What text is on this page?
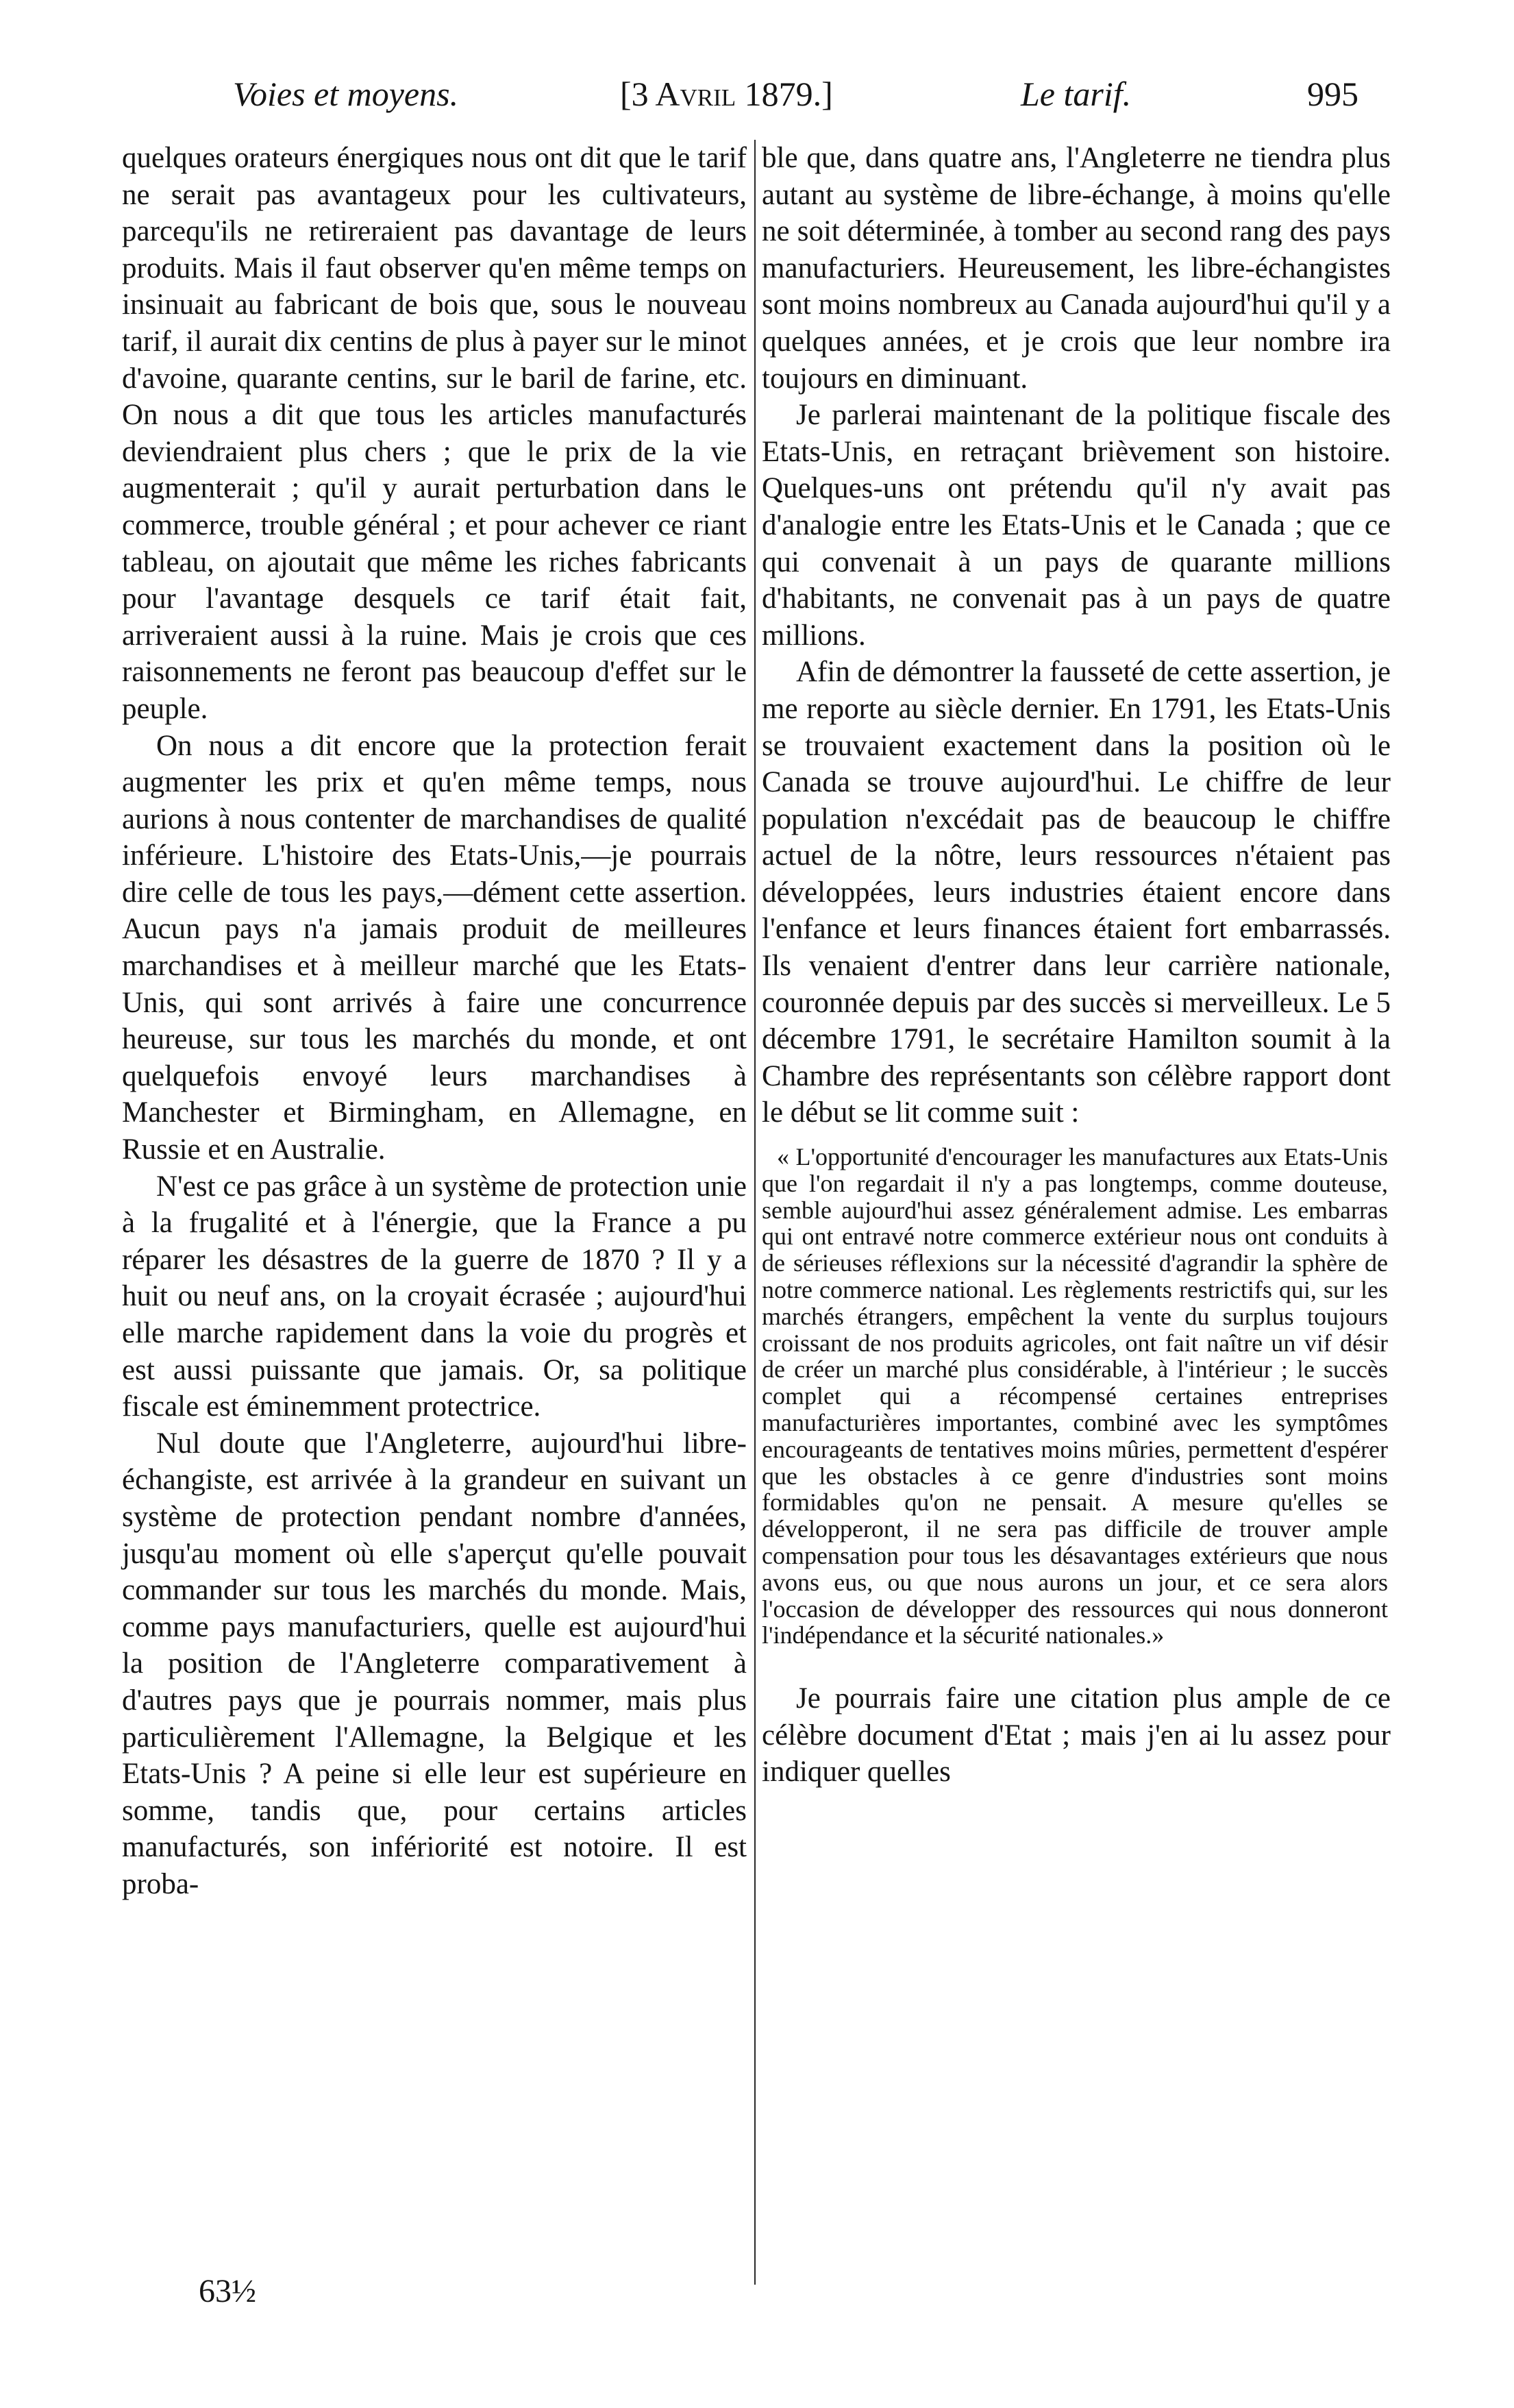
Voies et moyens.	[3 Avril 1879.]	Le tarif.	995

quelques orateurs énergiques nous ont dit que le tarif ne serait pas avantageux pour les cultivateurs, parcequ'ils ne retireraient pas davantage de leurs produits. Mais il faut observer qu'en même temps on insinuait au fabricant de bois que, sous le nouveau tarif, il aurait dix centins de plus à payer sur le minot d'avoine, quarante centins, sur le baril de farine, etc. On nous a dit que tous les articles manufacturés deviendraient plus chers ; que le prix de la vie augmenterait ; qu'il y aurait perturbation dans le commerce, trouble général ; et pour achever ce riant tableau, on ajoutait que même les riches fabricants pour l'avantage desquels ce tarif était fait, arriveraient aussi à la ruine. Mais je crois que ces raisonnements ne feront pas beaucoup d'effet sur le peuple.

On nous a dit encore que la protection ferait augmenter les prix et qu'en même temps, nous aurions à nous contenter de marchandises de qualité inférieure. L'histoire des Etats-Unis,—je pourrais dire celle de tous les pays,—dément cette assertion. Aucun pays n'a jamais produit de meilleures marchandises et à meilleur marché que les Etats-Unis, qui sont arrivés à faire une concurrence heureuse, sur tous les marchés du monde, et ont quelquefois envoyé leurs marchandises à Manchester et Birmingham, en Allemagne, en Russie et en Australie.

N'est ce pas grâce à un système de protection unie à la frugalité et à l'énergie, que la France a pu réparer les désastres de la guerre de 1870 ? Il y a huit ou neuf ans, on la croyait écrasée ; aujourd'hui elle marche rapidement dans la voie du progrès et est aussi puissante que jamais. Or, sa politique fiscale est éminemment protectrice.

Nul doute que l'Angleterre, aujourd'hui libre-échangiste, est arrivée à la grandeur en suivant un système de protection pendant nombre d'années, jusqu'au moment où elle s'aperçut qu'elle pouvait commander sur tous les marchés du monde. Mais, comme pays manufacturiers, quelle est aujourd'hui la position de l'Angleterre comparativement à d'autres pays que je pourrais nommer, mais plus particulièrement l'Allemagne, la Belgique et les Etats-Unis ? A peine si elle leur est supérieure en somme, tandis que, pour certains articles manufacturés, son infériorité est notoire. Il est proba-

ble que, dans quatre ans, l'Angleterre ne tiendra plus autant au système de libre-échange, à moins qu'elle ne soit déterminée, à tomber au second rang des pays manufacturiers. Heureusement, les libre-échangistes sont moins nombreux au Canada aujourd'hui qu'il y a quelques années, et je crois que leur nombre ira toujours en diminuant.

Je parlerai maintenant de la politique fiscale des Etats-Unis, en retraçant brièvement son histoire. Quelques-uns ont prétendu qu'il n'y avait pas d'analogie entre les Etats-Unis et le Canada ; que ce qui convenait à un pays de quarante millions d'habitants, ne convenait pas à un pays de quatre millions.

Afin de démontrer la fausseté de cette assertion, je me reporte au siècle dernier. En 1791, les Etats-Unis se trouvaient exactement dans la position où le Canada se trouve aujourd'hui. Le chiffre de leur population n'excédait pas de beaucoup le chiffre actuel de la nôtre, leurs ressources n'étaient pas développées, leurs industries étaient encore dans l'enfance et leurs finances étaient fort embarrassés. Ils venaient d'entrer dans leur carrière nationale, couronnée depuis par des succès si merveilleux. Le 5 décembre 1791, le secrétaire Hamilton soumit à la Chambre des représentants son célèbre rapport dont le début se lit comme suit :

« L'opportunité d'encourager les manufactures aux Etats-Unis que l'on regardait il n'y a pas longtemps, comme douteuse, semble aujourd'hui assez généralement admise. Les embarras qui ont entravé notre commerce extérieur nous ont conduits à de sérieuses réflexions sur la nécessité d'agrandir la sphère de notre commerce national. Les règlements restrictifs qui, sur les marchés étrangers, empêchent la vente du surplus toujours croissant de nos produits agricoles, ont fait naître un vif désir de créer un marché plus considérable, à l'intérieur ; le succès complet qui a récompensé certaines entreprises manufacturières importantes, combiné avec les symptômes encourageants de tentatives moins mûries, permettent d'espérer que les obstacles à ce genre d'industries sont moins formidables qu'on ne pensait. A mesure qu'elles se développeront, il ne sera pas difficile de trouver ample compensation pour tous les désavantages extérieurs que nous avons eus, ou que nous aurons un jour, et ce sera alors l'occasion de développer des ressources qui nous donneront l'indépendance et la sécurité nationales.»

Je pourrais faire une citation plus ample de ce célèbre document d'Etat ; mais j'en ai lu assez pour indiquer quelles

63½
